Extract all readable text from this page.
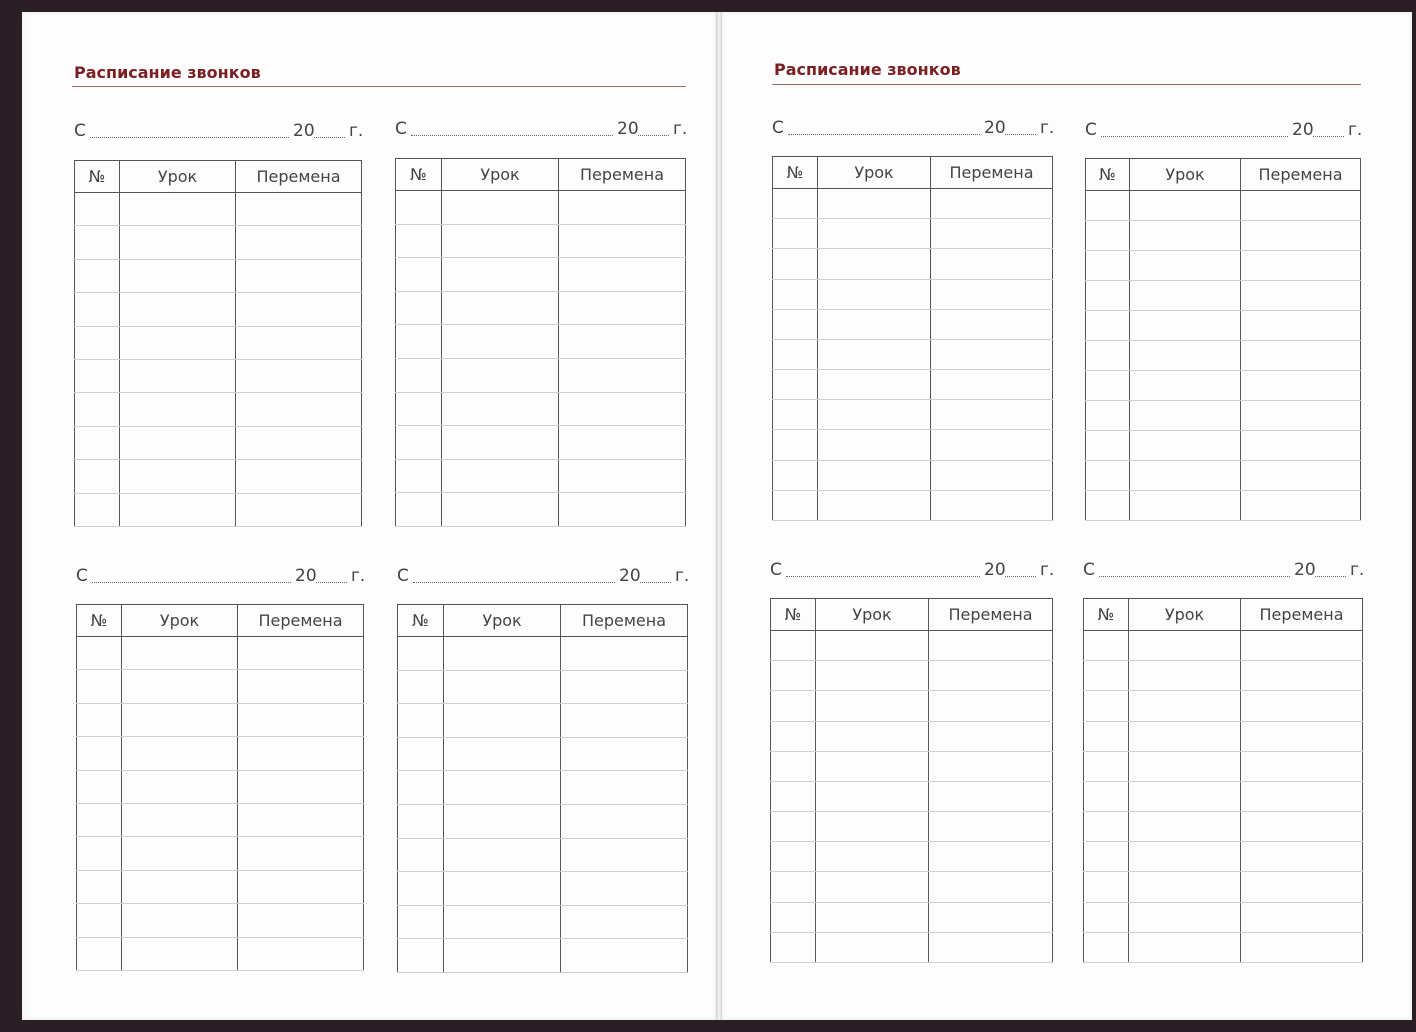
Расписание звонков	Расписание звонков
С	20 г.
№	Урок	Перемена

С	20 г.
№	Урок	Перемена

С	20 г.
№	Урок	Перемена

С	20 г.
№	Урок	Перемена

С	20 г.
№	Урок	Перемена

С	20 г.
№	Урок	Перемена

С	20 г.
№	Урок	Перемена

С	20 г.
№	Урок	Перемена
